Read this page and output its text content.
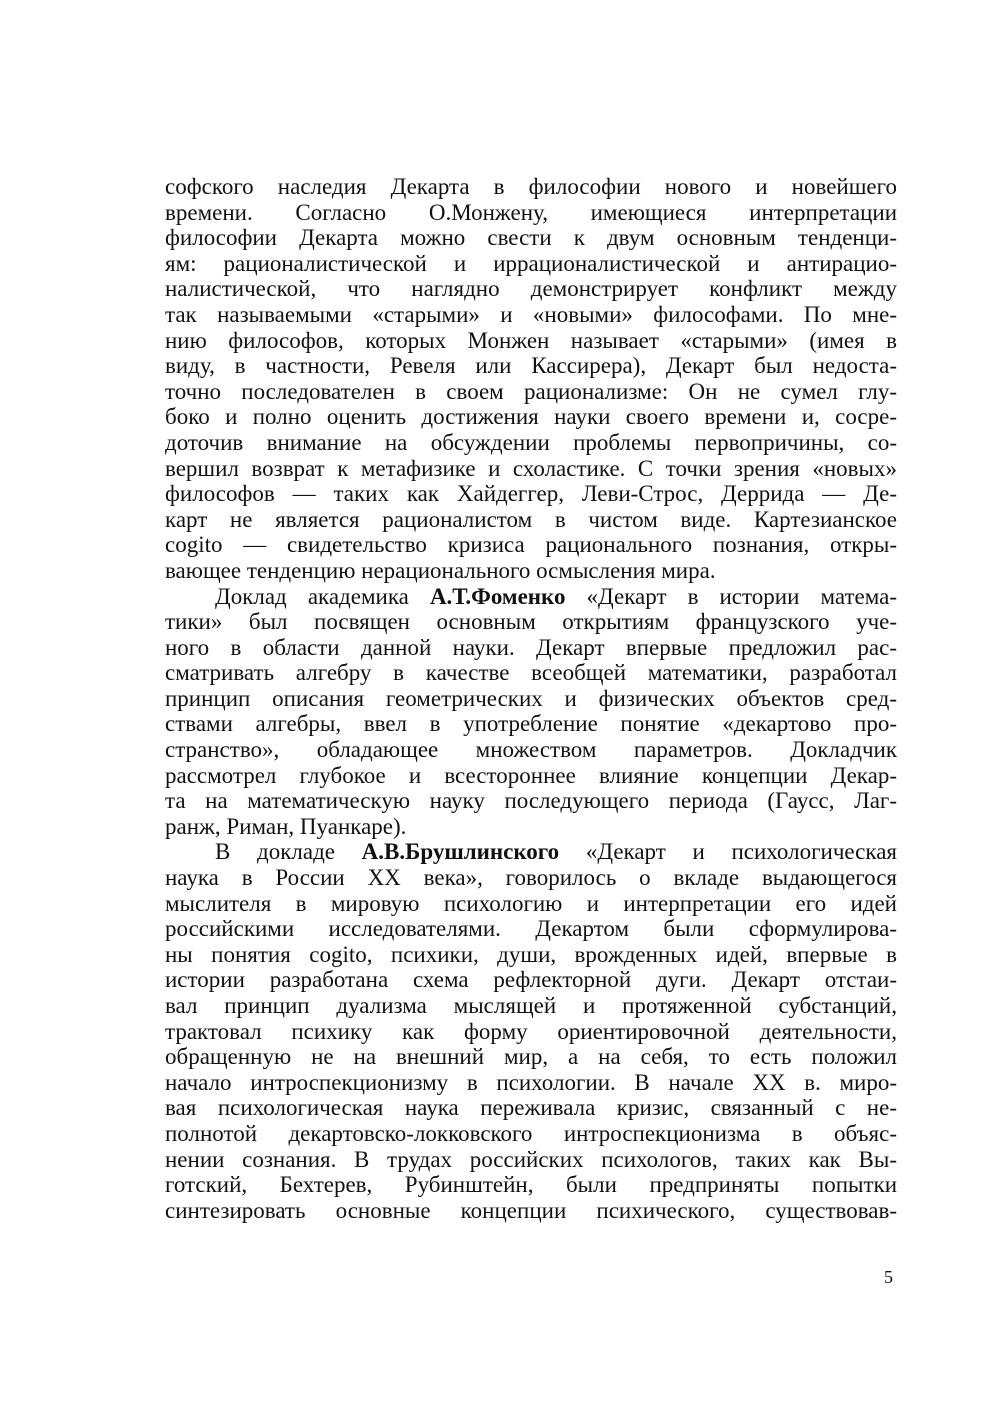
софского наследия Декарта в философии нового и новейшего
времени. Согласно О.Монжену, имеющиеся интерпретации
философии Декарта можно свести к двум основным тенденци-
ям: рационалистической и иррационалистической и антирацио-
налистической, что наглядно демонстрирует конфликт между
так называемыми «старыми» и «новыми» философами. По мне-
нию философов, которых Монжен называет «старыми» (имея в
виду, в частности, Ревеля или Кассирера), Декарт был недоста-
точно последователен в своем рационализме: Он не сумел глу-
боко и полно оценить достижения науки своего времени и, сосре-
доточив внимание на обсуждении проблемы первопричины, со-
вершил возврат к метафизике и схоластике. С точки зрения «новых»
философов — таких как Хайдеггер, Леви-Строс, Деррида — Де-
карт не является рационалистом в чистом виде. Картезианское
cogito — свидетельство кризиса рационального познания, откры-
вающее тенденцию нерационального осмысления мира.
Доклад академика А.Т.Фоменко «Декарт в истории матема-
тики» был посвящен основным открытиям французского уче-
ного в области данной науки. Декарт впервые предложил рас-
сматривать алгебру в качестве всеобщей математики, разработал
принцип описания геометрических и физических объектов сред-
ствами алгебры, ввел в употребление понятие «декартово про-
странство», обладающее множеством параметров. Докладчик
рассмотрел глубокое и всестороннее влияние концепции Декар-
та на математическую науку последующего периода (Гаусс, Лаг-
ранж, Риман, Пуанкаре).
В докладе А.В.Брушлинского «Декарт и психологическая
наука в России XX века», говорилось о вкладе выдающегося
мыслителя в мировую психологию и интерпретации его идей
российскими исследователями. Декартом были сформулирова-
ны понятия cogito, психики, души, врожденных идей, впервые в
истории разработана схема рефлекторной дуги. Декарт отстаи-
вал принцип дуализма мыслящей и протяженной субстанций,
трактовал психику как форму ориентировочной деятельности,
обращенную не на внешний мир, а на себя, то есть положил
начало интроспекционизму в психологии. В начале XX в. миро-
вая психологическая наука переживала кризис, связанный с не-
полнотой декартовско-локковского интроспекционизма в объяс-
нении сознания. В трудах российских психологов, таких как Вы-
готский, Бехтерев, Рубинштейн, были предприняты попытки
синтезировать основные концепции психического, существовав-
5
